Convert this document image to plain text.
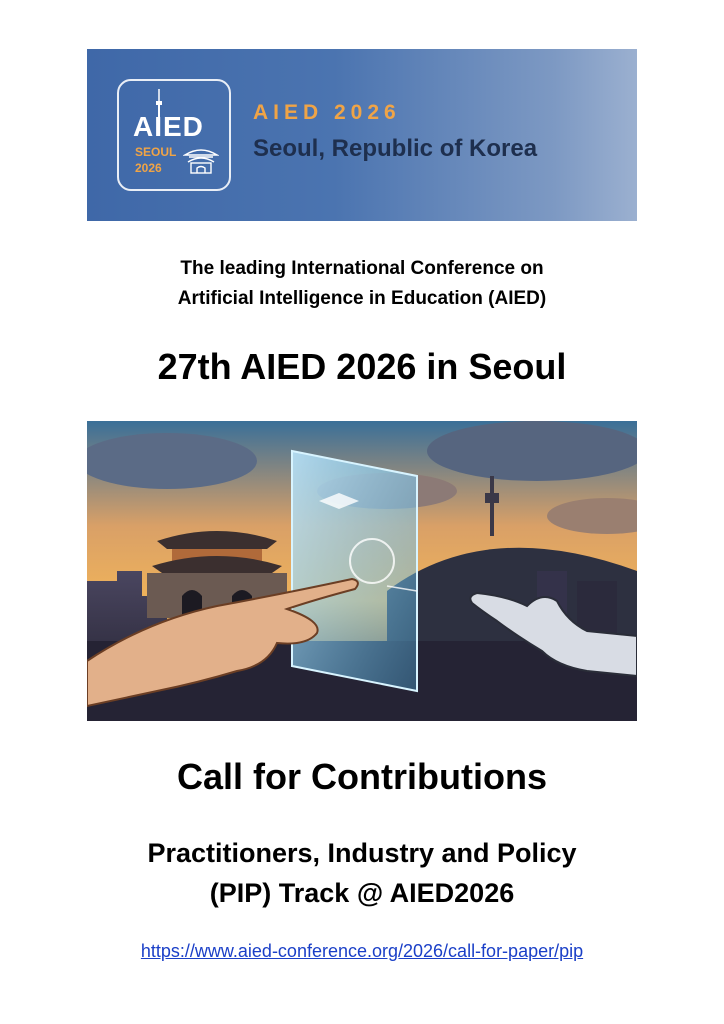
AIED
SEOUL
2026
AIED 2026
Seoul, Republic of Korea
The leading International Conference on
Artificial Intelligence in Education (AIED)
27th AIED 2026 in Seoul
Call for Contributions
Practitioners, Industry and Policy
(PIP) Track @ AIED2026
https://www.aied-conference.org/2026/call-for-paper/pip
